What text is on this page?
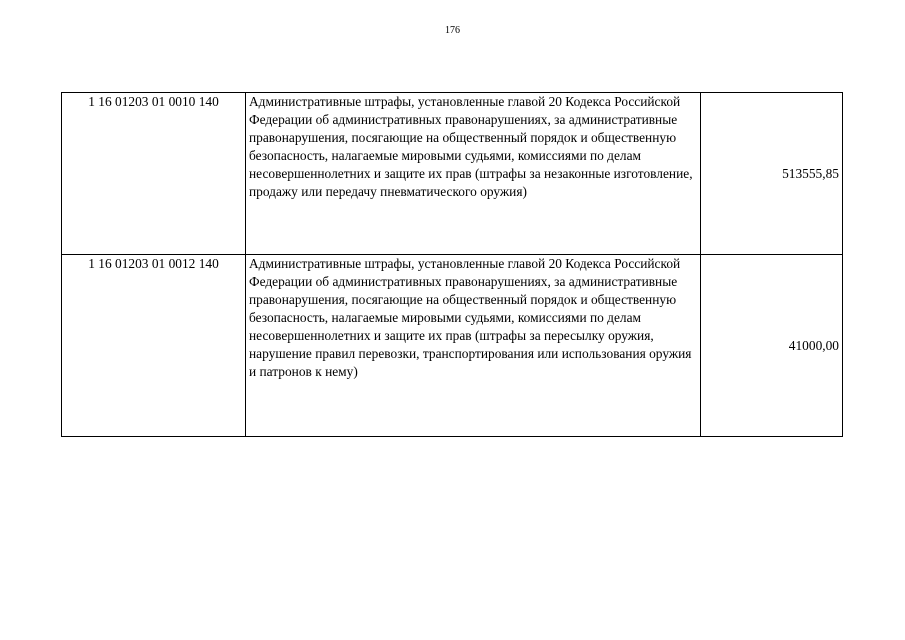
176
1 16 01203 01 0010 140	Административные штрафы, установленные главой 20 Кодекса Российской Федерации об административных правонарушениях, за административные правонарушения, посягающие на общественный порядок и общественную безопасность, налагаемые мировыми судьями, комиссиями по делам несовершеннолетних и защите их прав (штрафы за незаконные изготовление, продажу или передачу пневматического оружия)	513555,85
1 16 01203 01 0012 140	Административные штрафы, установленные главой 20 Кодекса Российской Федерации об административных правонарушениях, за административные правонарушения, посягающие на общественный порядок и общественную безопасность, налагаемые мировыми судьями, комиссиями по делам несовершеннолетних и защите их прав (штрафы за пересылку оружия, нарушение правил перевозки, транспортирования или использования оружия и патронов к нему)	41000,00
